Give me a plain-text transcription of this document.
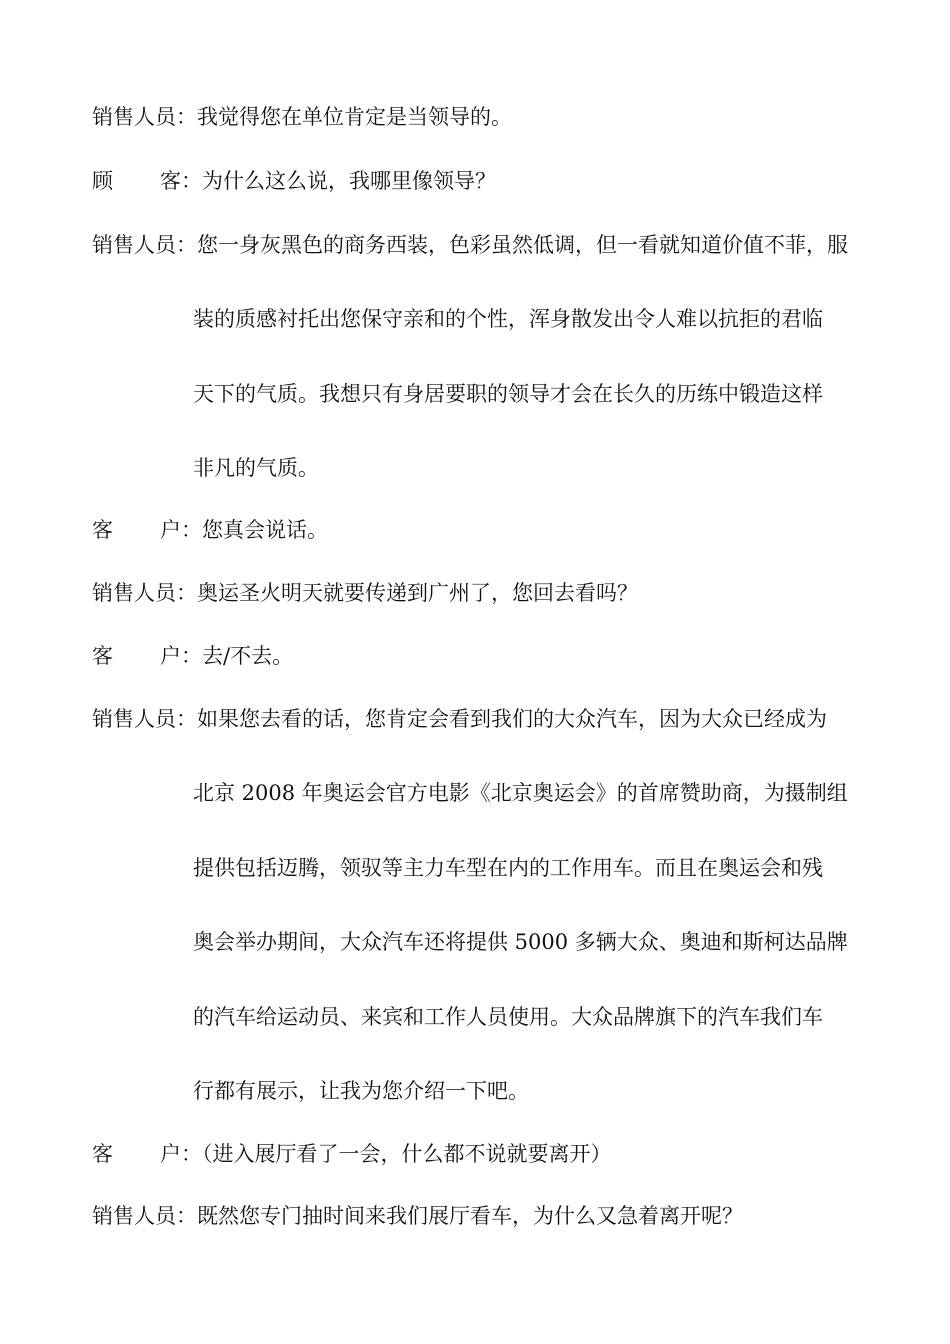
销售人员：我觉得您在单位肯定是当领导的。
顾 客：为什么这么说，我哪里像领导？
销售人员：您一身灰黑色的商务西装，色彩虽然低调，但一看就知道价值不菲，服
装的质感衬托出您保守亲和的个性，浑身散发出令人难以抗拒的君临
天下的气质。我想只有身居要职的领导才会在长久的历练中锻造这样
非凡的气质。
客 户：您真会说话。
销售人员：奥运圣火明天就要传递到广州了，您回去看吗？
客 户：去/不去。
销售人员：如果您去看的话，您肯定会看到我们的大众汽车，因为大众已经成为
北京 2008 年奥运会官方电影《北京奥运会》的首席赞助商，为摄制组
提供包括迈腾，领驭等主力车型在内的工作用车。而且在奥运会和残
奥会举办期间，大众汽车还将提供 5000 多辆大众、奥迪和斯柯达品牌
的汽车给运动员、来宾和工作人员使用。大众品牌旗下的汽车我们车
行都有展示，让我为您介绍一下吧。
客 户：（进入展厅看了一会，什么都不说就要离开）
销售人员：既然您专门抽时间来我们展厅看车，为什么又急着离开呢？
